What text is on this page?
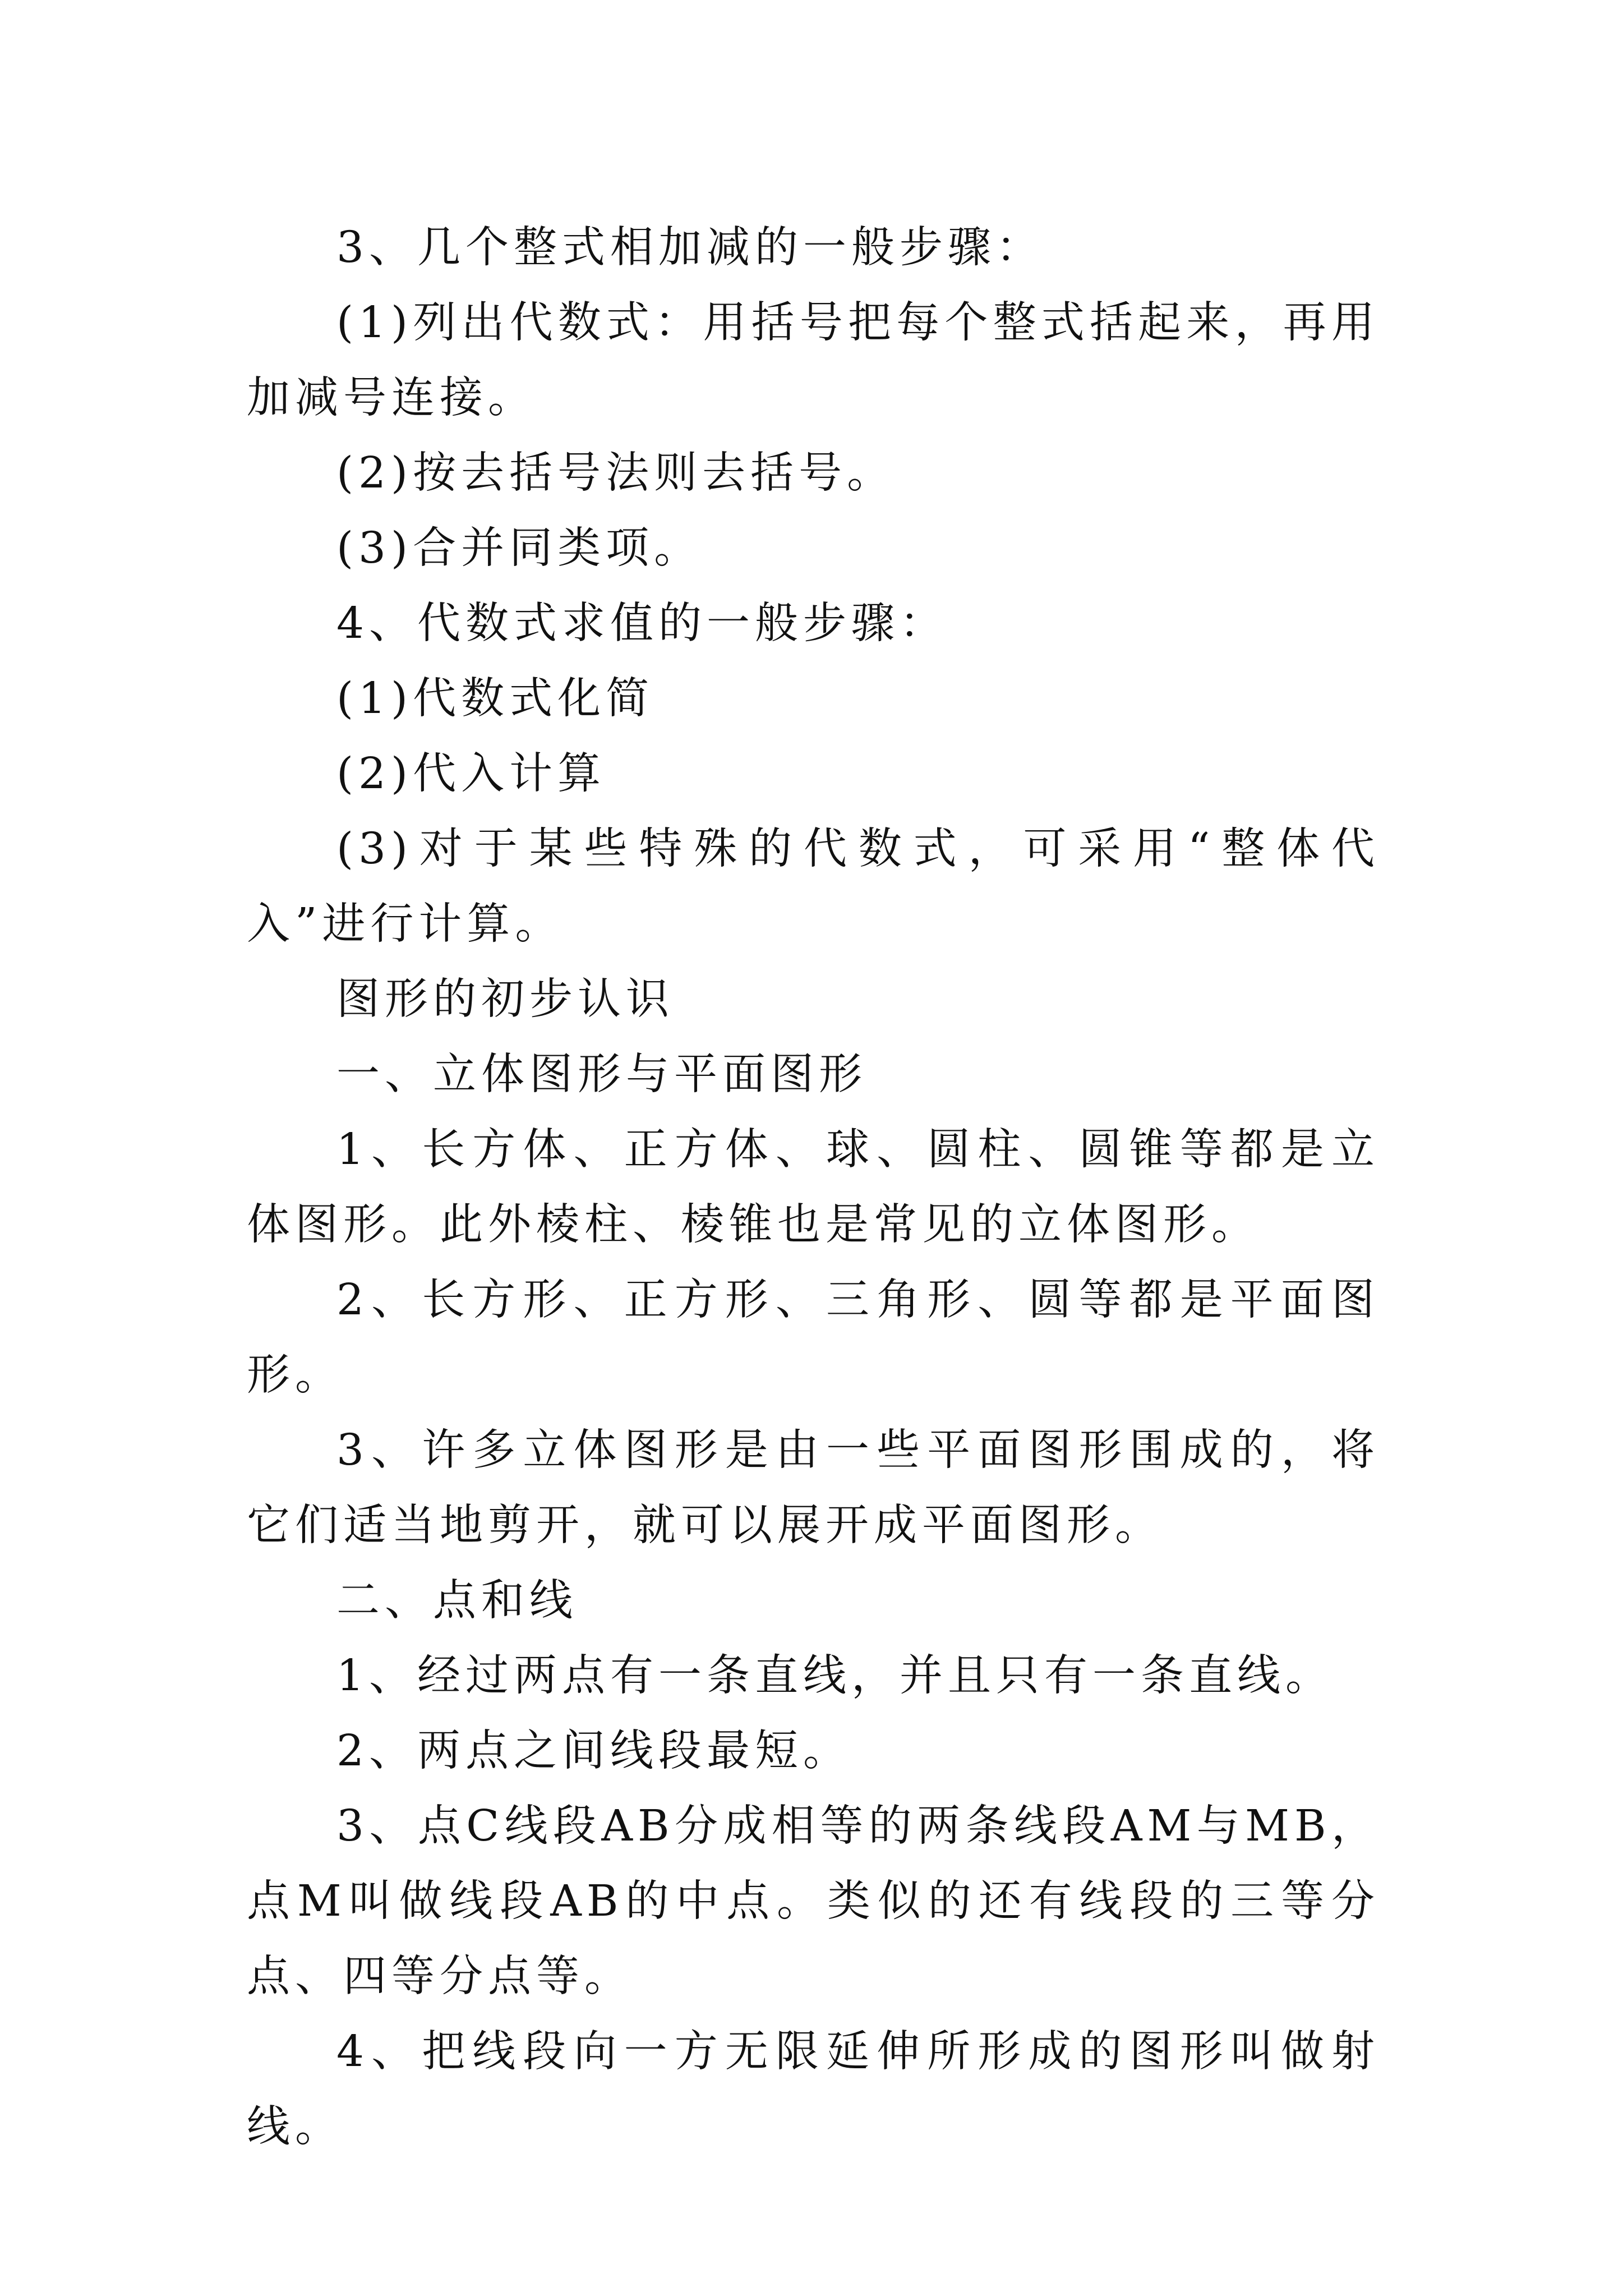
3、几个整式相加减的一般步骤：

(1)列出代数式：用括号把每个整式括起来，再用加减号连接。

(2)按去括号法则去括号。

(3)合并同类项。

4、代数式求值的一般步骤：

(1)代数式化简

(2)代入计算

(3)对于某些特殊的代数式，可采用“整体代入”进行计算。

图形的初步认识

一、立体图形与平面图形

1、长方体、正方体、球、圆柱、圆锥等都是立体图形。此外棱柱、棱锥也是常见的立体图形。

2、长方形、正方形、三角形、圆等都是平面图形。

3、许多立体图形是由一些平面图形围成的，将它们适当地剪开，就可以展开成平面图形。

二、点和线

1、经过两点有一条直线，并且只有一条直线。

2、两点之间线段最短。

3、点C线段AB分成相等的两条线段AM与MB，点M叫做线段AB的中点。类似的还有线段的三等分点、四等分点等。

4、把线段向一方无限延伸所形成的图形叫做射线。
